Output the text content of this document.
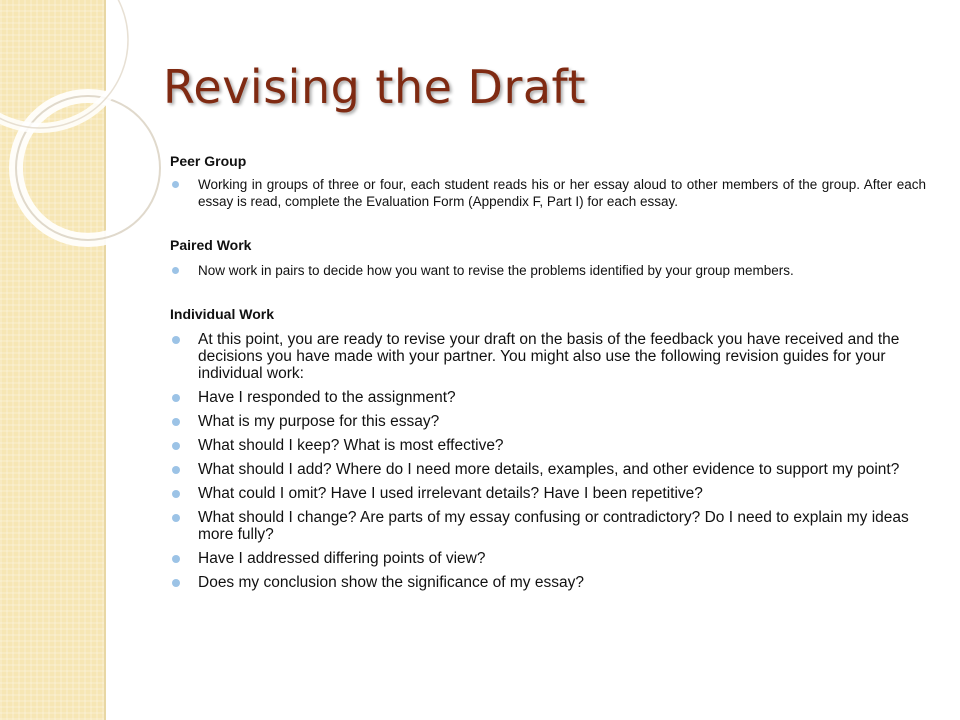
Revising the Draft

Peer Group

Working in groups of three or four, each student reads his or her essay aloud to other members of the group. After each essay is read, complete the Evaluation Form (Appendix F, Part I) for each essay.

Paired Work

Now work in pairs to decide how you want to revise the problems identified by your group members.

Individual Work

At this point, you are ready to revise your draft on the basis of the feedback you have received and the decisions you have made with your partner. You might also use the following revision guides for your individual work:
Have I responded to the assignment?
What is my purpose for this essay?
What should I keep? What is most effective?
What should I add? Where do I need more details, examples, and other evidence to support my point?
What could I omit? Have I used irrelevant details? Have I been repetitive?
What should I change? Are parts of my essay confusing or contradictory? Do I need to explain my ideas more fully?
Have I addressed differing points of view?
Does my conclusion show the significance of my essay?
